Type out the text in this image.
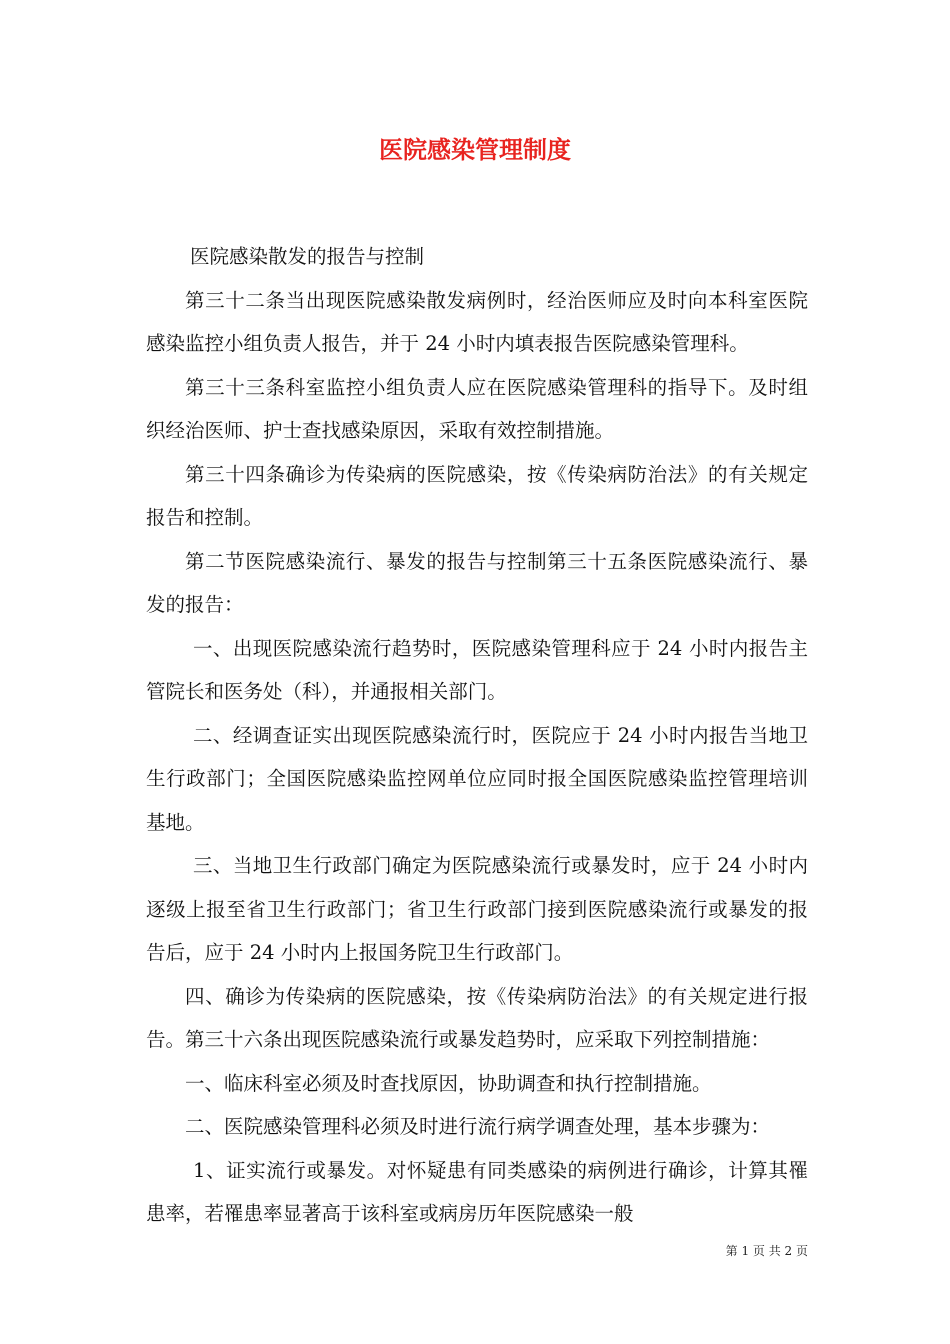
医院感染管理制度

医院感染散发的报告与控制

第三十二条当出现医院感染散发病例时，经治医师应及时向本科室医院感染监控小组负责人报告，并于 24 小时内填表报告医院感染管理科。

第三十三条科室监控小组负责人应在医院感染管理科的指导下。及时组织经治医师、护士查找感染原因，采取有效控制措施。

第三十四条确诊为传染病的医院感染，按《传染病防治法》的有关规定报告和控制。

第二节医院感染流行、暴发的报告与控制第三十五条医院感染流行、暴发的报告：

一、出现医院感染流行趋势时，医院感染管理科应于 24 小时内报告主管院长和医务处（科），并通报相关部门。

二、经调查证实出现医院感染流行时，医院应于 24 小时内报告当地卫生行政部门；全国医院感染监控网单位应同时报全国医院感染监控管理培训基地。

三、当地卫生行政部门确定为医院感染流行或暴发时，应于 24 小时内逐级上报至省卫生行政部门；省卫生行政部门接到医院感染流行或暴发的报告后，应于 24 小时内上报国务院卫生行政部门。

四、确诊为传染病的医院感染，按《传染病防治法》的有关规定进行报告。第三十六条出现医院感染流行或暴发趋势时，应采取下列控制措施：

一、临床科室必须及时查找原因，协助调查和执行控制措施。

二、医院感染管理科必须及时进行流行病学调查处理，基本步骤为：

1、证实流行或暴发。对怀疑患有同类感染的病例进行确诊，计算其罹患率，若罹患率显著高于该科室或病房历年医院感染一般

第 1 页 共 2 页
